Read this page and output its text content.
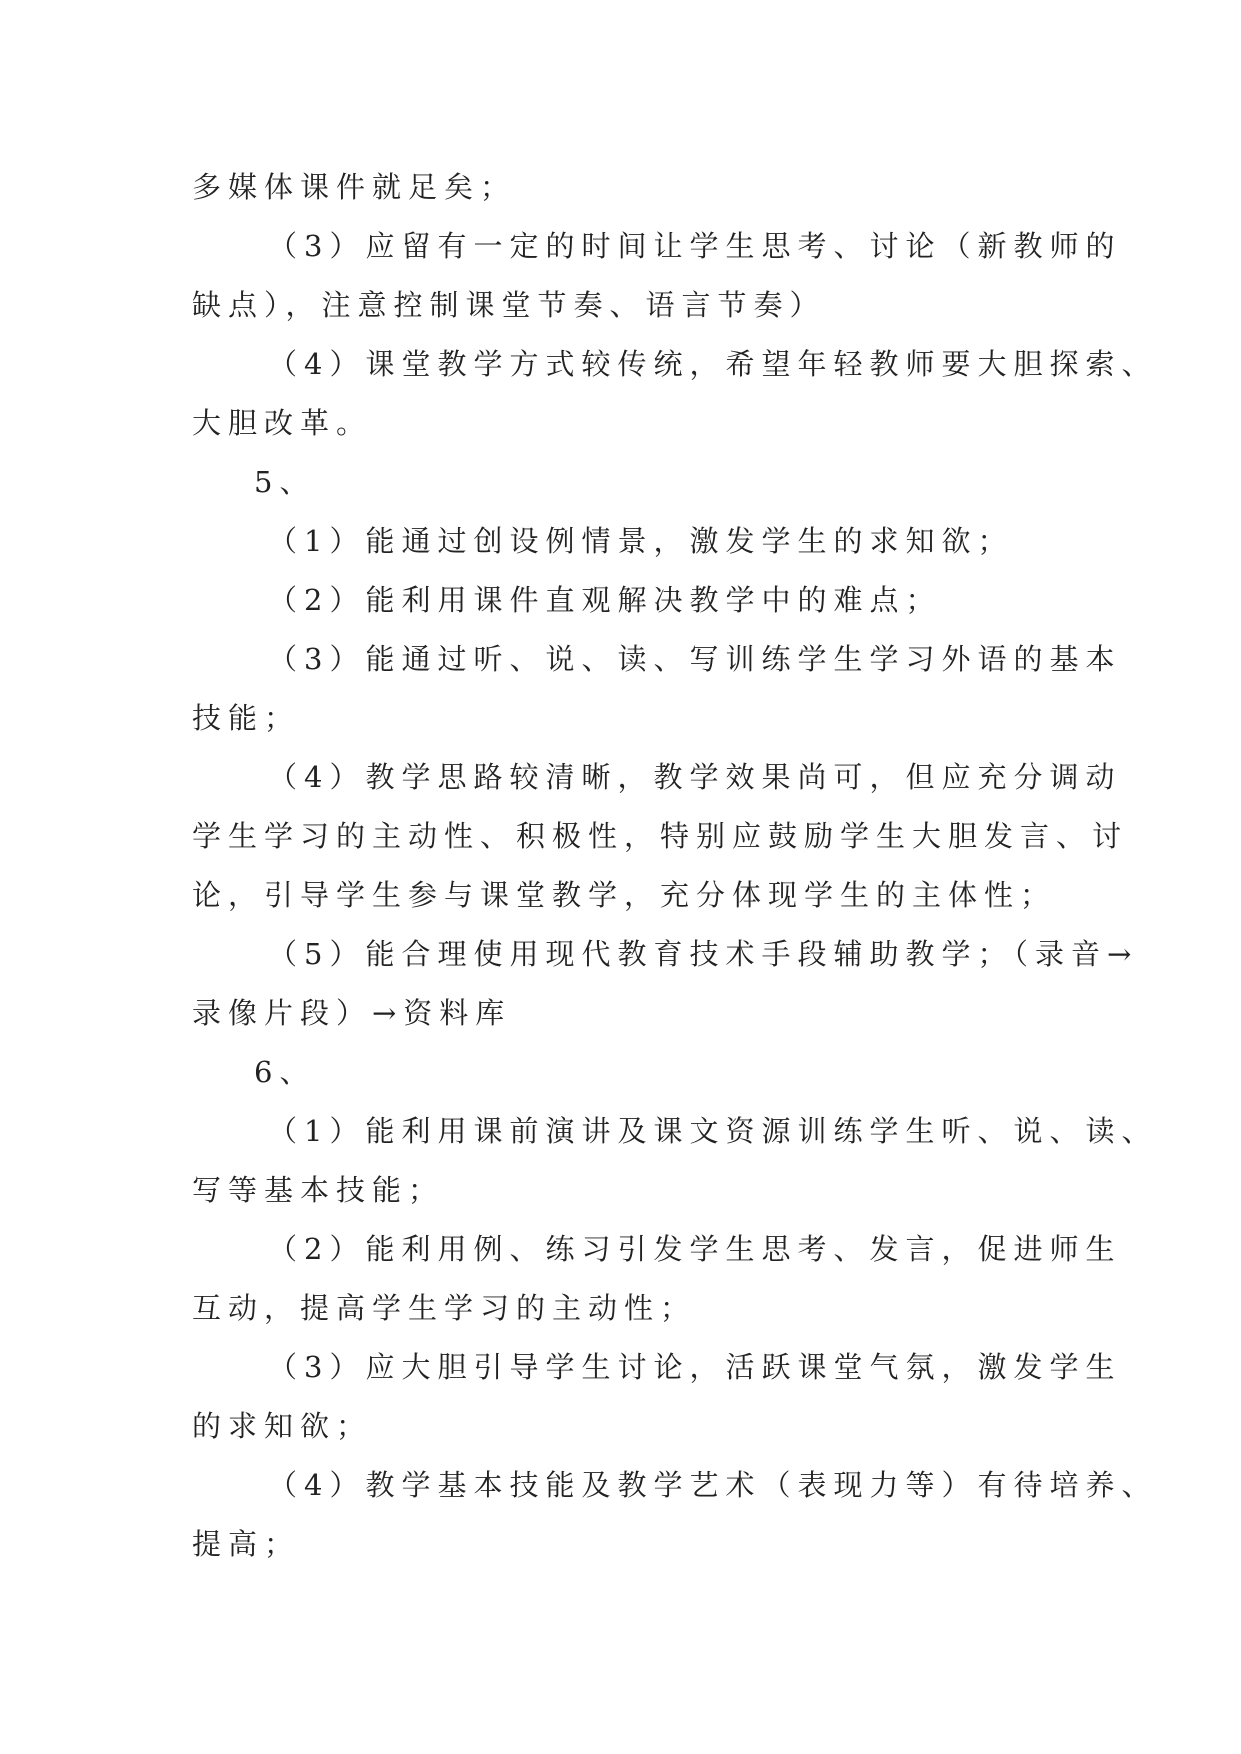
多媒体课件就足矣；
（3）应留有一定的时间让学生思考、讨论（新教师的
缺点），注意控制课堂节奏、语言节奏）
（4）课堂教学方式较传统，希望年轻教师要大胆探索、
大胆改革。
5、
（1）能通过创设例情景，激发学生的求知欲；
（2）能利用课件直观解决教学中的难点；
（3）能通过听、说、读、写训练学生学习外语的基本
技能；
（4）教学思路较清晰，教学效果尚可，但应充分调动
学生学习的主动性、积极性，特别应鼓励学生大胆发言、讨
论，引导学生参与课堂教学，充分体现学生的主体性；
（5）能合理使用现代教育技术手段辅助教学；（录音→
录像片段）→资料库
6、
（1）能利用课前演讲及课文资源训练学生听、说、读、
写等基本技能；
（2）能利用例、练习引发学生思考、发言，促进师生
互动，提高学生学习的主动性；
（3）应大胆引导学生讨论，活跃课堂气氛，激发学生
的求知欲；
（4）教学基本技能及教学艺术（表现力等）有待培养、
提高；
